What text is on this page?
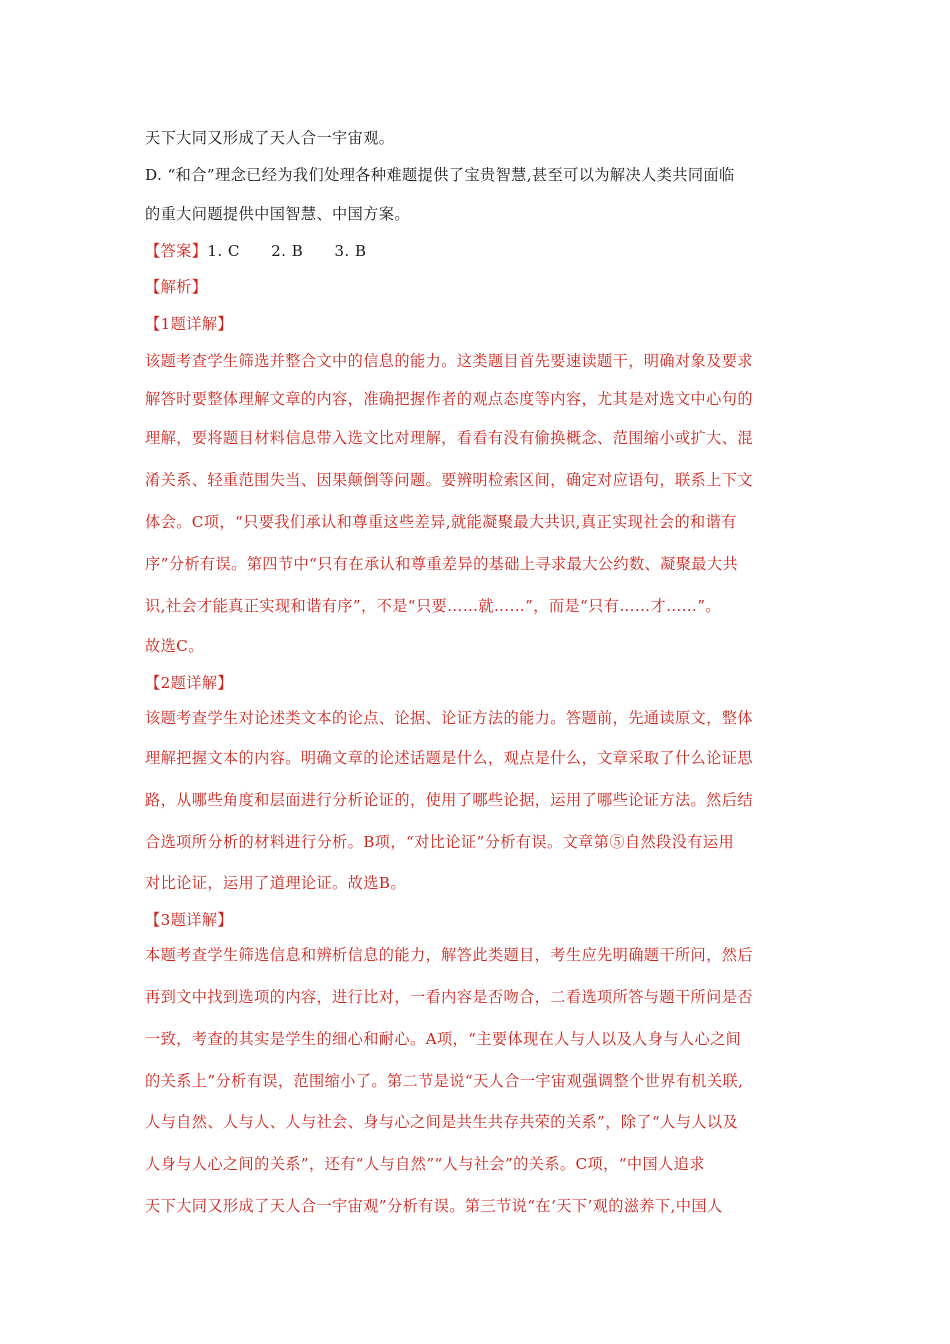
天下大同又形成了天人合一宇宙观。
D. “和合”理念已经为我们处理各种难题提供了宝贵智慧,甚至可以为解决人类共同面临
的重大问题提供中国智慧、中国方案。
【答案】1. C　　2. B　　3. B
【解析】
【1题详解】
该题考查学生筛选并整合文中的信息的能力。这类题目首先要速读题干，明确对象及要求
解答时要整体理解文章的内容，准确把握作者的观点态度等内容，尤其是对选文中心句的
理解，要将题目材料信息带入选文比对理解，看看有没有偷换概念、范围缩小或扩大、混
淆关系、轻重范围失当、因果颠倒等问题。要辨明检索区间，确定对应语句，联系上下文
体会。C项，“只要我们承认和尊重这些差异,就能凝聚最大共识,真正实现社会的和谐有
序”分析有误。第四节中“只有在承认和尊重差异的基础上寻求最大公约数、凝聚最大共
识,社会才能真正实现和谐有序”，不是“只要……就……”，而是“只有……才……”。
故选C。
【2题详解】
该题考查学生对论述类文本的论点、论据、论证方法的能力。答题前，先通读原文，整体
理解把握文本的内容。明确文章的论述话题是什么，观点是什么，文章采取了什么论证思
路，从哪些角度和层面进行分析论证的，使用了哪些论据，运用了哪些论证方法。然后结
合选项所分析的材料进行分析。B项，“对比论证”分析有误。文章第⑤自然段没有运用
对比论证，运用了道理论证。故选B。
【3题详解】
本题考查学生筛选信息和辨析信息的能力，解答此类题目，考生应先明确题干所问，然后
再到文中找到选项的内容，进行比对，一看内容是否吻合，二看选项所答与题干所问是否
一致，考查的其实是学生的细心和耐心。A项，“主要体现在人与人以及人身与人心之间
的关系上”分析有误，范围缩小了。第二节是说“天人合一宇宙观强调整个世界有机关联,
人与自然、人与人、人与社会、身与心之间是共生共存共荣的关系”，除了“人与人以及
人身与人心之间的关系”，还有“人与自然”“人与社会”的关系。C项，“中国人追求
天下大同又形成了天人合一宇宙观”分析有误。第三节说“在‘天下’观的滋养下,中国人
